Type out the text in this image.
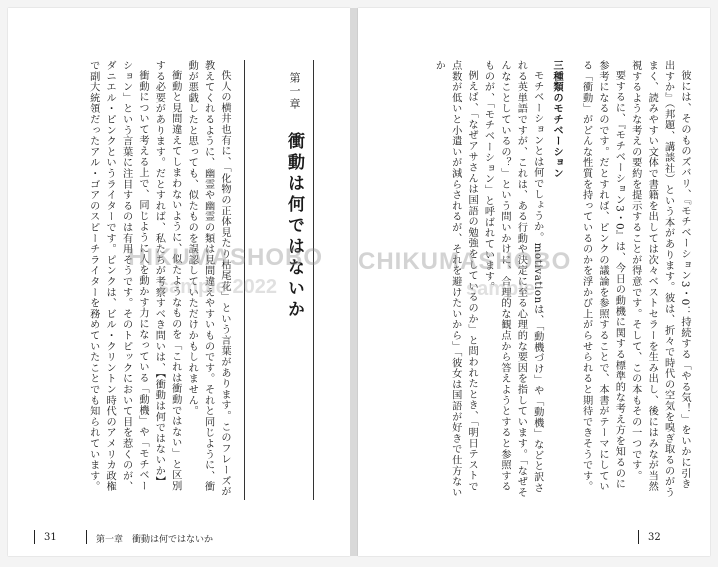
第一章 衝動は何ではないか

佚人の横井也有に、「化物の正体見たり枯尾花」という言葉があります。このフレーズが教えてくれるように、幽霊や幽霊の類は見間違えやすいものです。それと同じように、衝動が悪戯したと思っても、似たものを誤認していただけかもしれません。

衝動と見間違えてしまわないように、似たようなものを「これは衝動ではない」と区別する必要があります。だとすれば、私たちが考察すべき問いは、【衝動は何ではないか】

衝動について考える上で、同じように人を動かす力になっている「動機」や「モチベーション」という言葉に注目するのは有用そうです。そのトピックにおいて目を惹くのが、ダニエル・ピンクというライターです。ピンクは、ビル・クリントン時代のアメリカ政権で副大統領だったアル・ゴアのスピーチライターを務めていたことでも知られています。

31	第一章　衝動は何ではないか
HIKUMASHOBO
sample 2022	彼には、そのものズバリ、『モチベーション3・0：持続する「やる気！」をいかに引き出すか』（邦題、講談社）という本があります。彼は、折々で時代の空気を嗅ぎ取るのがうまく、読みやすい文体で書籍を出しては次々ベストセラーを生み出し、後にはみなが当然視するような考えの要約を提示することが得意です。そして、この本もその一つです。

要するに、『モチベーション3・0』は、今日の動機に関する標準的な考え方を知るのに参考になるのです。だとすれば、ピンクの議論を参照することで、本書がテーマにしている「衝動」がどんな性質を持っているのかを浮かび上がらせられると期待できそうです。

三種類のモチベーション

モチベーションとは何でしょうか。motivationは、「動機づけ」や「動機」などと訳される英単語ですが、これは、ある行動や決定に至る心理的な要因を指しています。「なぜそんなことしているの？」という問いかけに、合理的な観点から答えようとすると参照するものが、「モチベーション」と呼ばれています。

例えば、「なぜアサさんは国語の勉強をしているのか」と問われたとき、「明日テストで点数が低いと小遣いが減らされるが、それを避けたいから」「彼女は国語が好きで仕方ないか

32
CHIKUMASHOBO
sample
